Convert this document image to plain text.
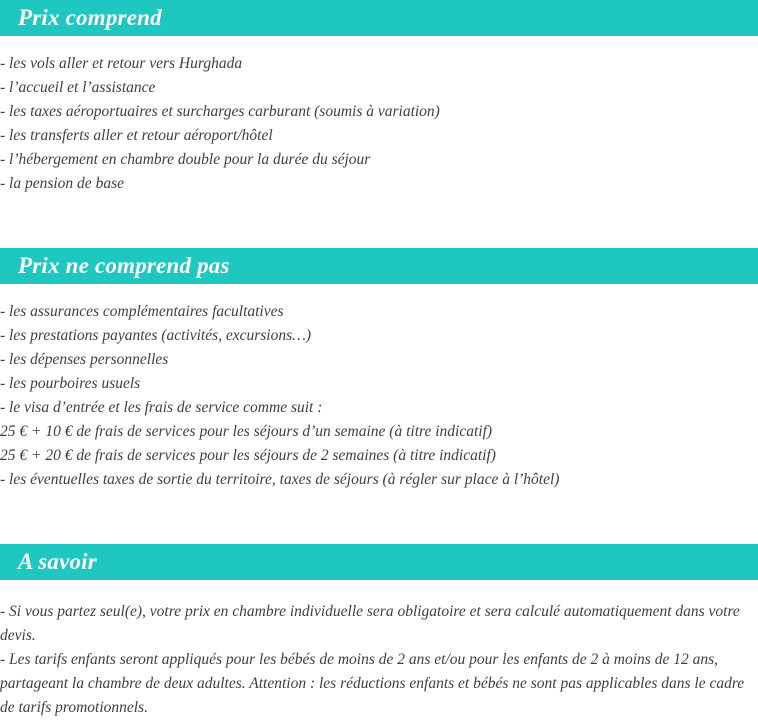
Prix comprend
- les vols aller et retour vers Hurghada
- l’accueil et l’assistance
- les taxes aéroportuaires et surcharges carburant (soumis à variation)
- les transferts aller et retour aéroport/hôtel
- l’hébergement en chambre double pour la durée du séjour
- la pension de base
Prix ne comprend pas
- les assurances complémentaires facultatives
- les prestations payantes (activités, excursions…)
- les dépenses personnelles
- les pourboires usuels
- le visa d’entrée et les frais de service comme suit :
25 € + 10 € de frais de services pour les séjours d’un semaine (à titre indicatif)
25 € + 20 € de frais de services pour les séjours de 2 semaines (à titre indicatif)
- les éventuelles taxes de sortie du territoire, taxes de séjours (à régler sur place à l’hôtel)
A savoir
- Si vous partez seul(e), votre prix en chambre individuelle sera obligatoire et sera calculé automatiquement dans votre devis.
- Les tarifs enfants seront appliqués pour les bébés de moins de 2 ans et/ou pour les enfants de 2 à moins de 12 ans, partageant la chambre de deux adultes. Attention : les réductions enfants et bébés ne sont pas applicables dans le cadre de tarifs promotionnels.
